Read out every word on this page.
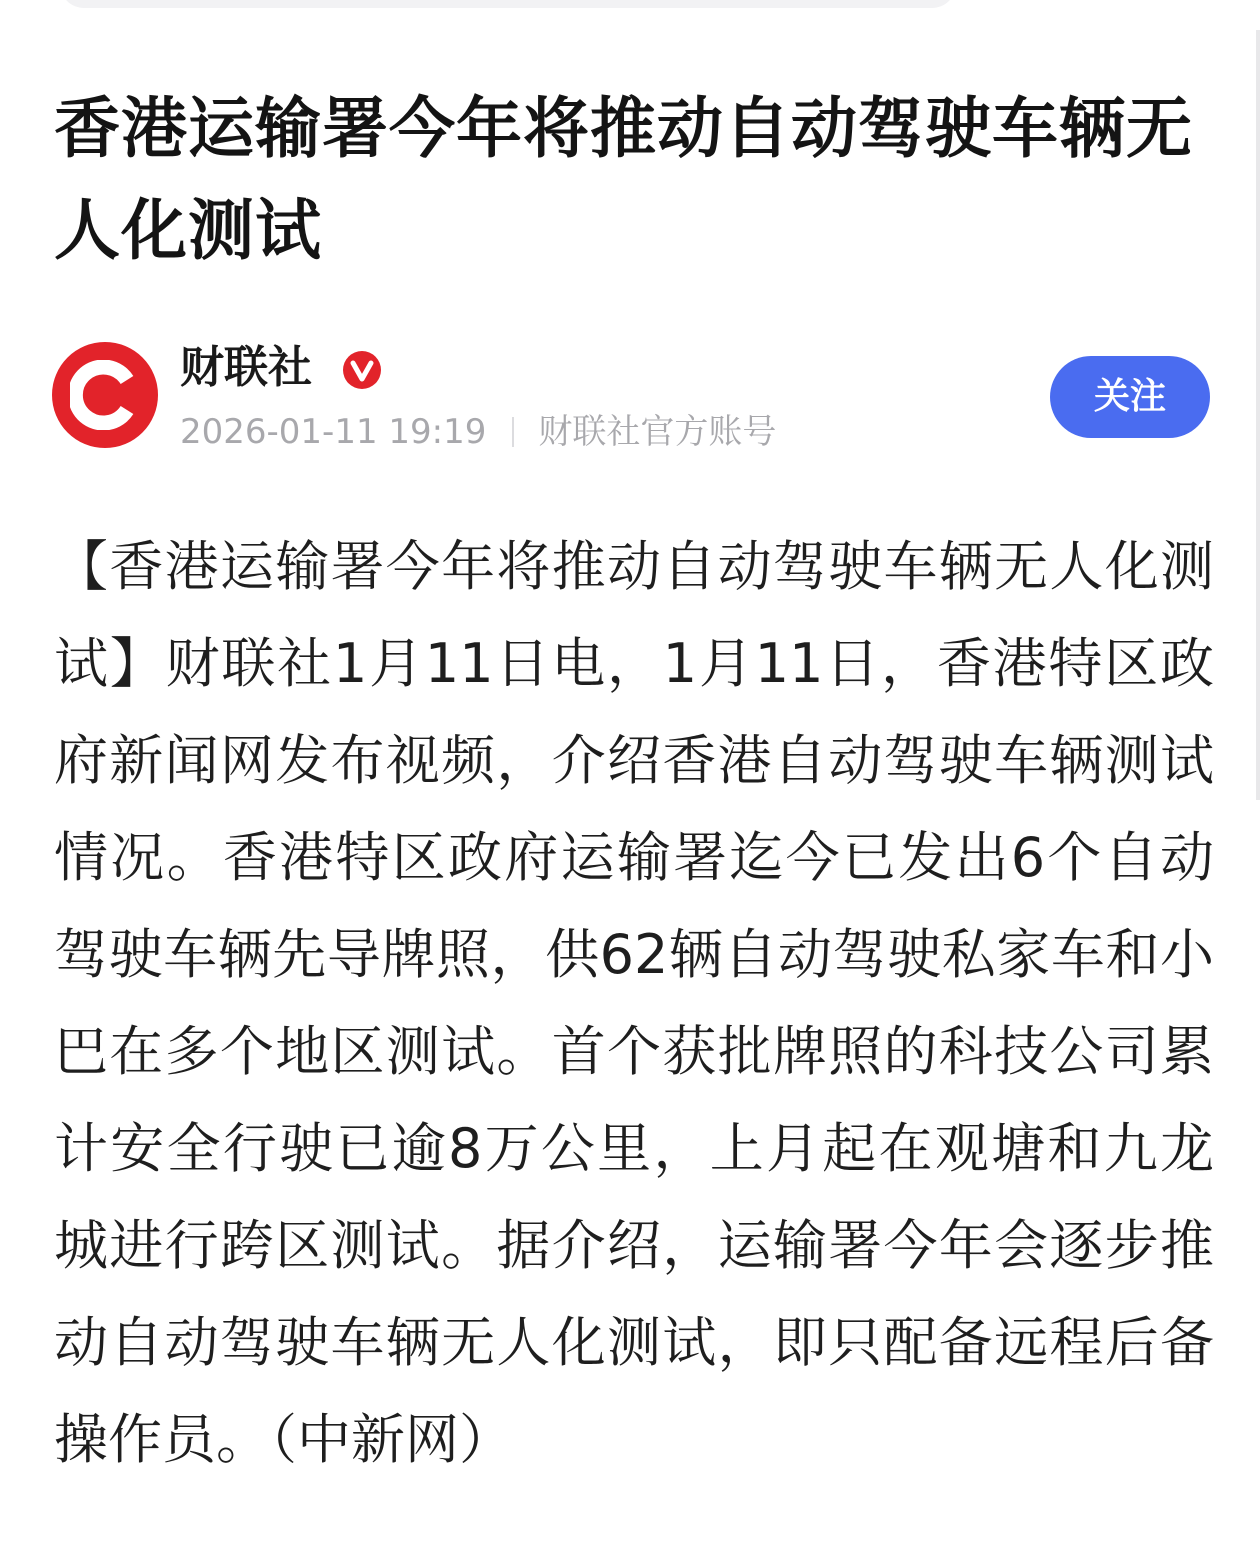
香港运输署今年将推动自动驾驶车辆无人化测试
财联社
2026-01-11 19:19 财联社官方账号
关注

【香港运输署今年将推动自动驾驶车辆无人化测试】财联社1月11日电，1月11日，香港特区政府新闻网发布视频，介绍香港自动驾驶车辆测试情况。香港特区政府运输署迄今已发出6个自动驾驶车辆先导牌照，供62辆自动驾驶私家车和小巴在多个地区测试。首个获批牌照的科技公司累计安全行驶已逾8万公里，上月起在观塘和九龙城进行跨区测试。据介绍，运输署今年会逐步推动自动驾驶车辆无人化测试，即只配备远程后备操作员。（中新网）
